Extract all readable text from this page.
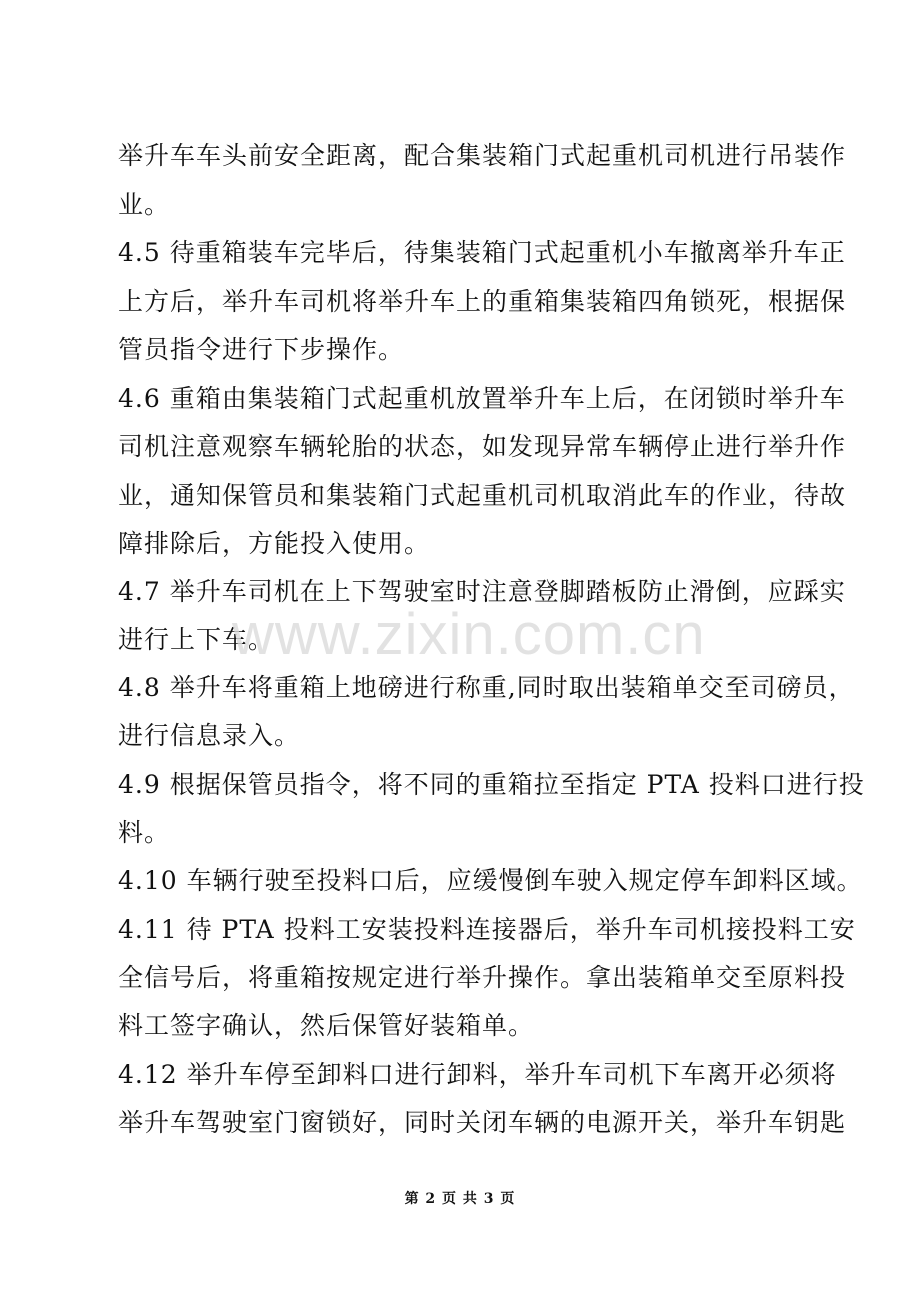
举升车车头前安全距离，配合集装箱门式起重机司机进行吊装作
业。
4.5 待重箱装车完毕后，待集装箱门式起重机小车撤离举升车正
上方后，举升车司机将举升车上的重箱集装箱四角锁死，根据保
管员指令进行下步操作。
4.6 重箱由集装箱门式起重机放置举升车上后，在闭锁时举升车
司机注意观察车辆轮胎的状态，如发现异常车辆停止进行举升作
业，通知保管员和集装箱门式起重机司机取消此车的作业，待故
障排除后，方能投入使用。
4.7 举升车司机在上下驾驶室时注意登脚踏板防止滑倒，应踩实
进行上下车。
4.8 举升车将重箱上地磅进行称重,同时取出装箱单交至司磅员，
进行信息录入。
4.9 根据保管员指令，将不同的重箱拉至指定 PTA 投料口进行投
料。
4.10 车辆行驶至投料口后，应缓慢倒车驶入规定停车卸料区域。
4.11 待 PTA 投料工安装投料连接器后，举升车司机接投料工安
全信号后，将重箱按规定进行举升操作。拿出装箱单交至原料投
料工签字确认，然后保管好装箱单。
4.12 举升车停至卸料口进行卸料，举升车司机下车离开必须将
举升车驾驶室门窗锁好，同时关闭车辆的电源开关，举升车钥匙
www.zixin.com.cn
第 2 页 共 3 页
